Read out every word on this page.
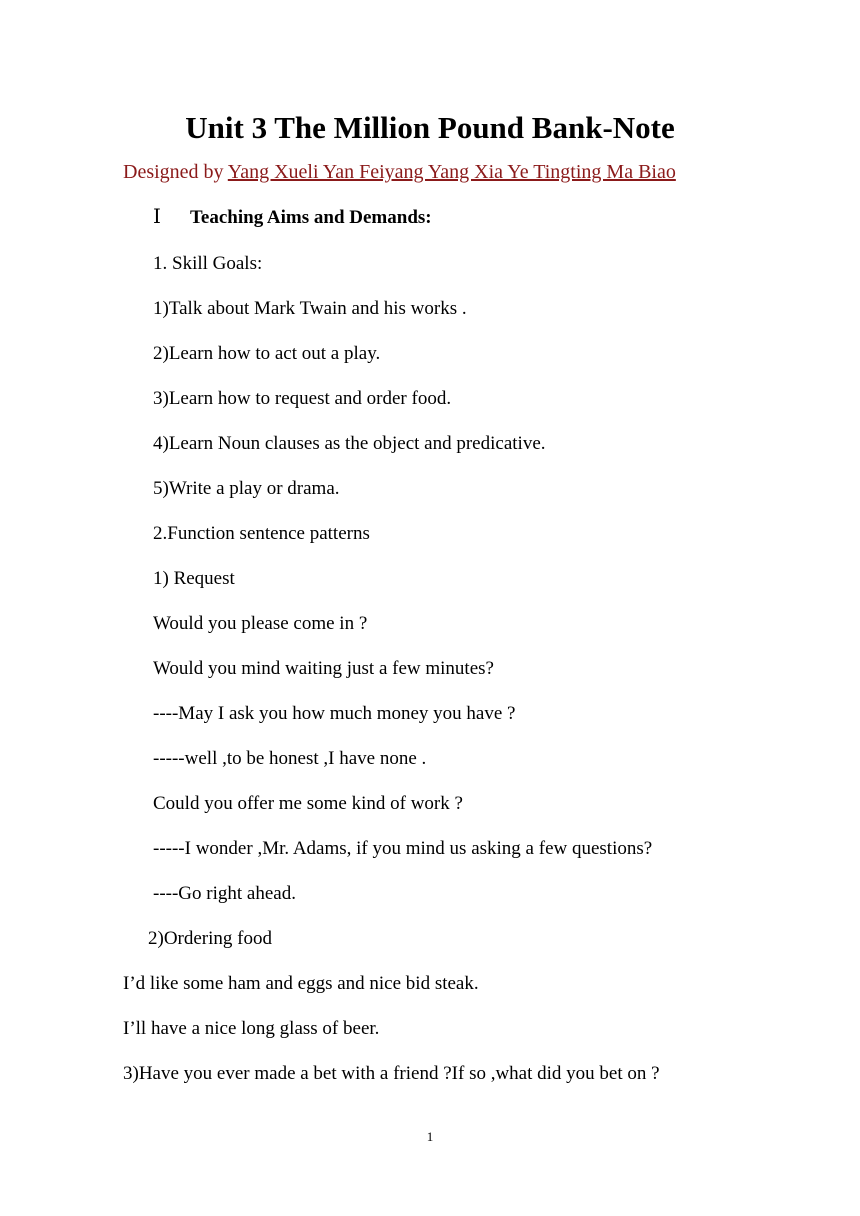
Unit 3 The Million Pound Bank-Note
Designed by Yang Xueli Yan Feiyang Yang Xia Ye Tingting Ma Biao
Ⅰ Teaching Aims and Demands:
1. Skill Goals:
1)Talk about Mark Twain and his works .
2)Learn how to act out a play.
3)Learn how to request and order food.
4)Learn Noun clauses as the object and predicative.
5)Write a play or drama.
2.Function sentence patterns
1) Request
Would you please come in ?
Would you mind waiting just a few minutes?
----May I ask you how much money you have ?
-----well ,to be honest ,I have none .
Could you offer me some kind of work ?
-----I wonder ,Mr. Adams, if you mind us asking a few questions?
----Go right ahead.
2)Ordering food
I’d like some ham and eggs and nice bid steak.
I’ll have a nice long glass of beer.
3)Have you ever made a bet with a friend ?If so ,what did you bet on ?
1
